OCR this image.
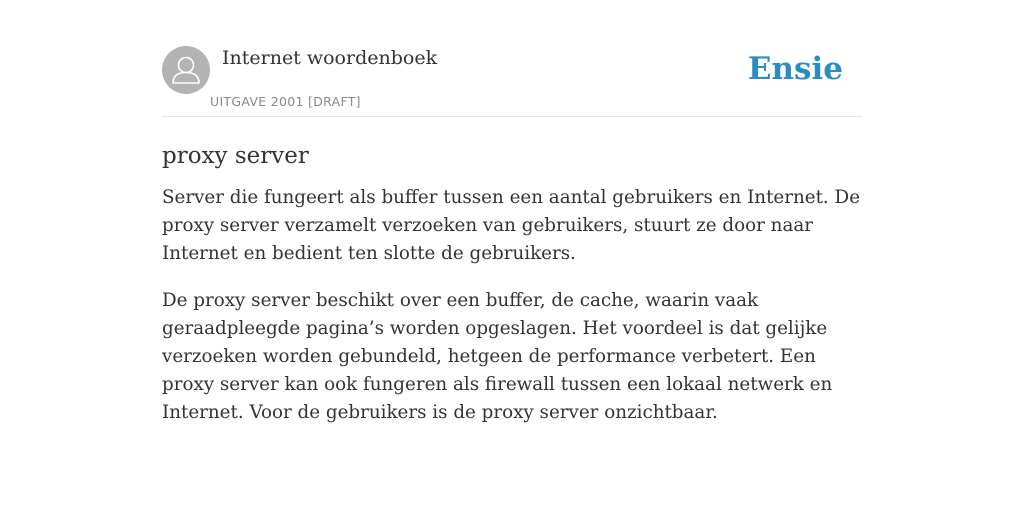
Internet woordenboek
UITGAVE 2001 [DRAFT]
Ensie
proxy server

Server die fungeert als buffer tussen een aantal gebruikers en Internet. De proxy server verzamelt verzoeken van gebruikers, stuurt ze door naar Internet en bedient ten slotte de gebruikers.

De proxy server beschikt over een buffer, de cache, waarin vaak geraadpleegde pagina’s worden opgeslagen. Het voordeel is dat gelijke verzoeken worden gebundeld, hetgeen de performance verbetert. Een proxy server kan ook fungeren als firewall tussen een lokaal netwerk en Internet. Voor de gebruikers is de proxy server onzichtbaar.
